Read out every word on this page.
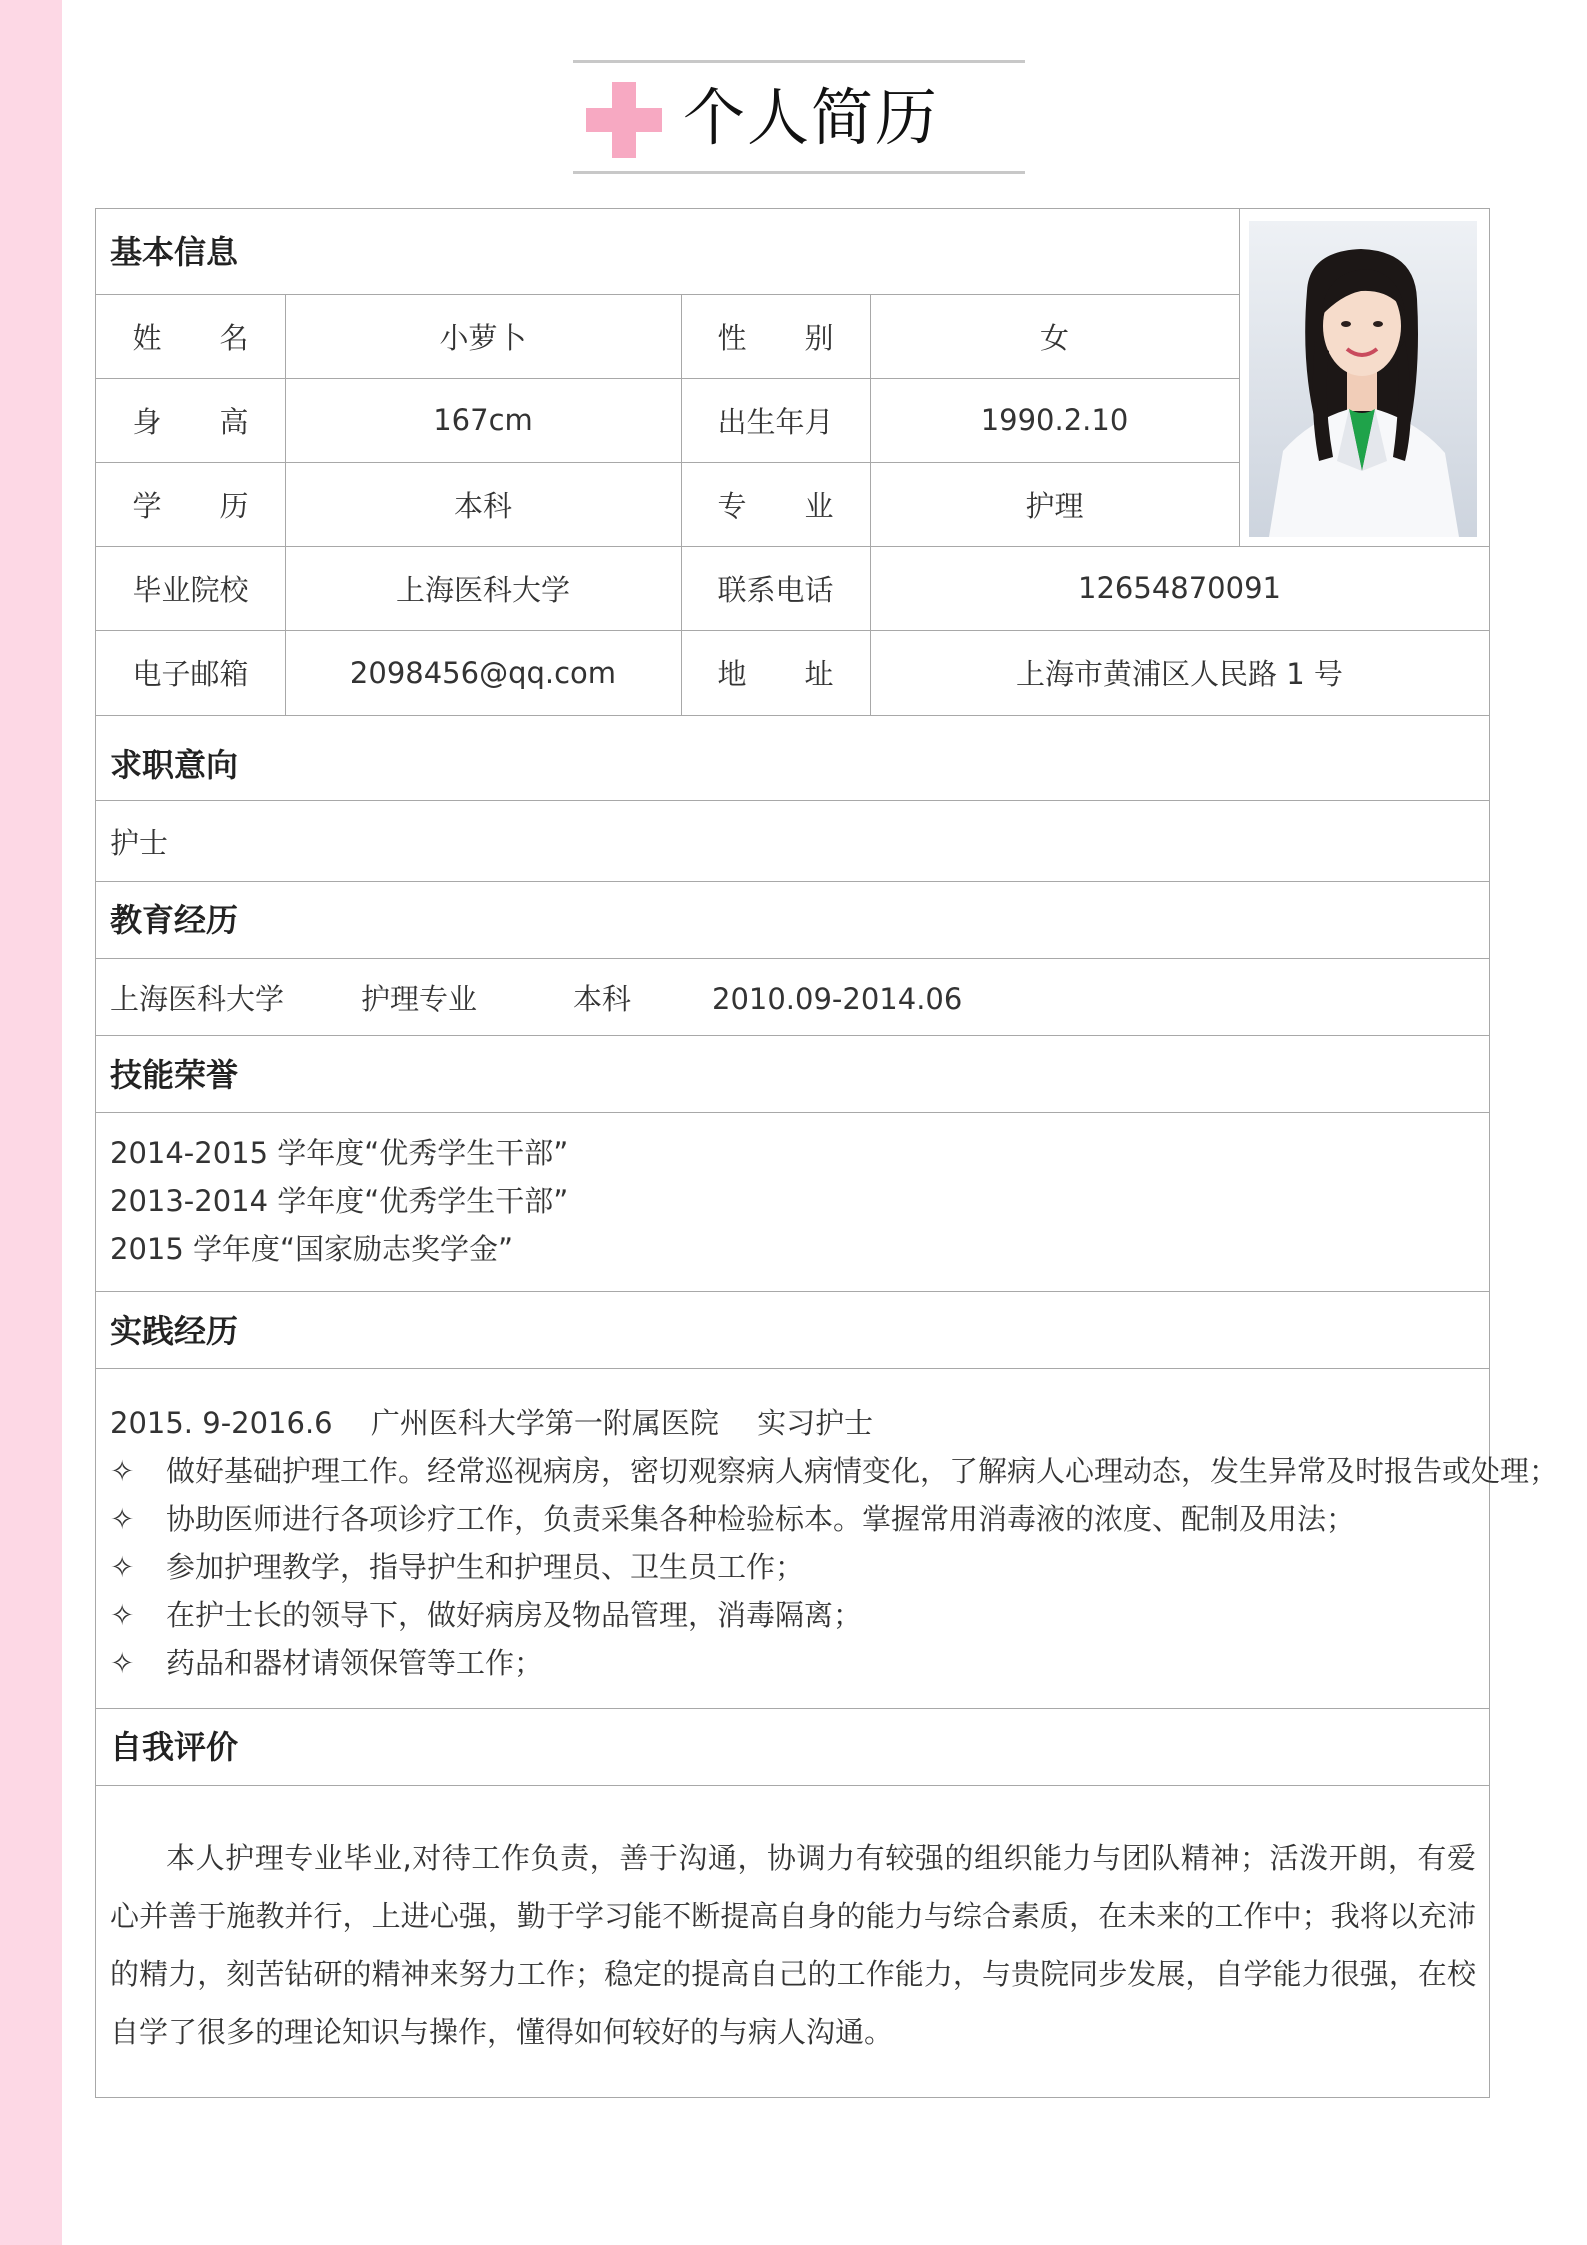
个人简历
基本信息
姓　　名	小萝卜	性　　别	女
身　　高	167cm	出生年月	1990.2.10
学　　历	本科	专　　业	护理
毕业院校	上海医科大学	联系电话	12654870091
电子邮箱	2098456@qq.com	地　　址	上海市黄浦区人民路 1 号
求职意向
护士
教育经历
上海医科大学	护理专业	本科	2010.09-2014.06
技能荣誉
2014-2015 学年度“优秀学生干部”
2013-2014 学年度“优秀学生干部”
2015 学年度“国家励志奖学金”
实践经历
2015. 9-2016.6　 广州医科大学第一附属医院　 实习护士
✧ 做好基础护理工作。经常巡视病房，密切观察病人病情变化，了解病人心理动态，发生异常及时报告或处理；
✧ 协助医师进行各项诊疗工作，负责采集各种检验标本。掌握常用消毒液的浓度、配制及用法；
✧ 参加护理教学，指导护生和护理员、卫生员工作；
✧ 在护士长的领导下，做好病房及物品管理，消毒隔离；
✧ 药品和器材请领保管等工作；
自我评价
本人护理专业毕业,对待工作负责，善于沟通，协调力有较强的组织能力与团队精神；活泼开朗，有爱心并善于施教并行，上进心强，勤于学习能不断提高自身的能力与综合素质，在未来的工作中；我将以充沛的精力，刻苦钻研的精神来努力工作；稳定的提高自己的工作能力，与贵院同步发展，自学能力很强，在校自学了很多的理论知识与操作，懂得如何较好的与病人沟通。
